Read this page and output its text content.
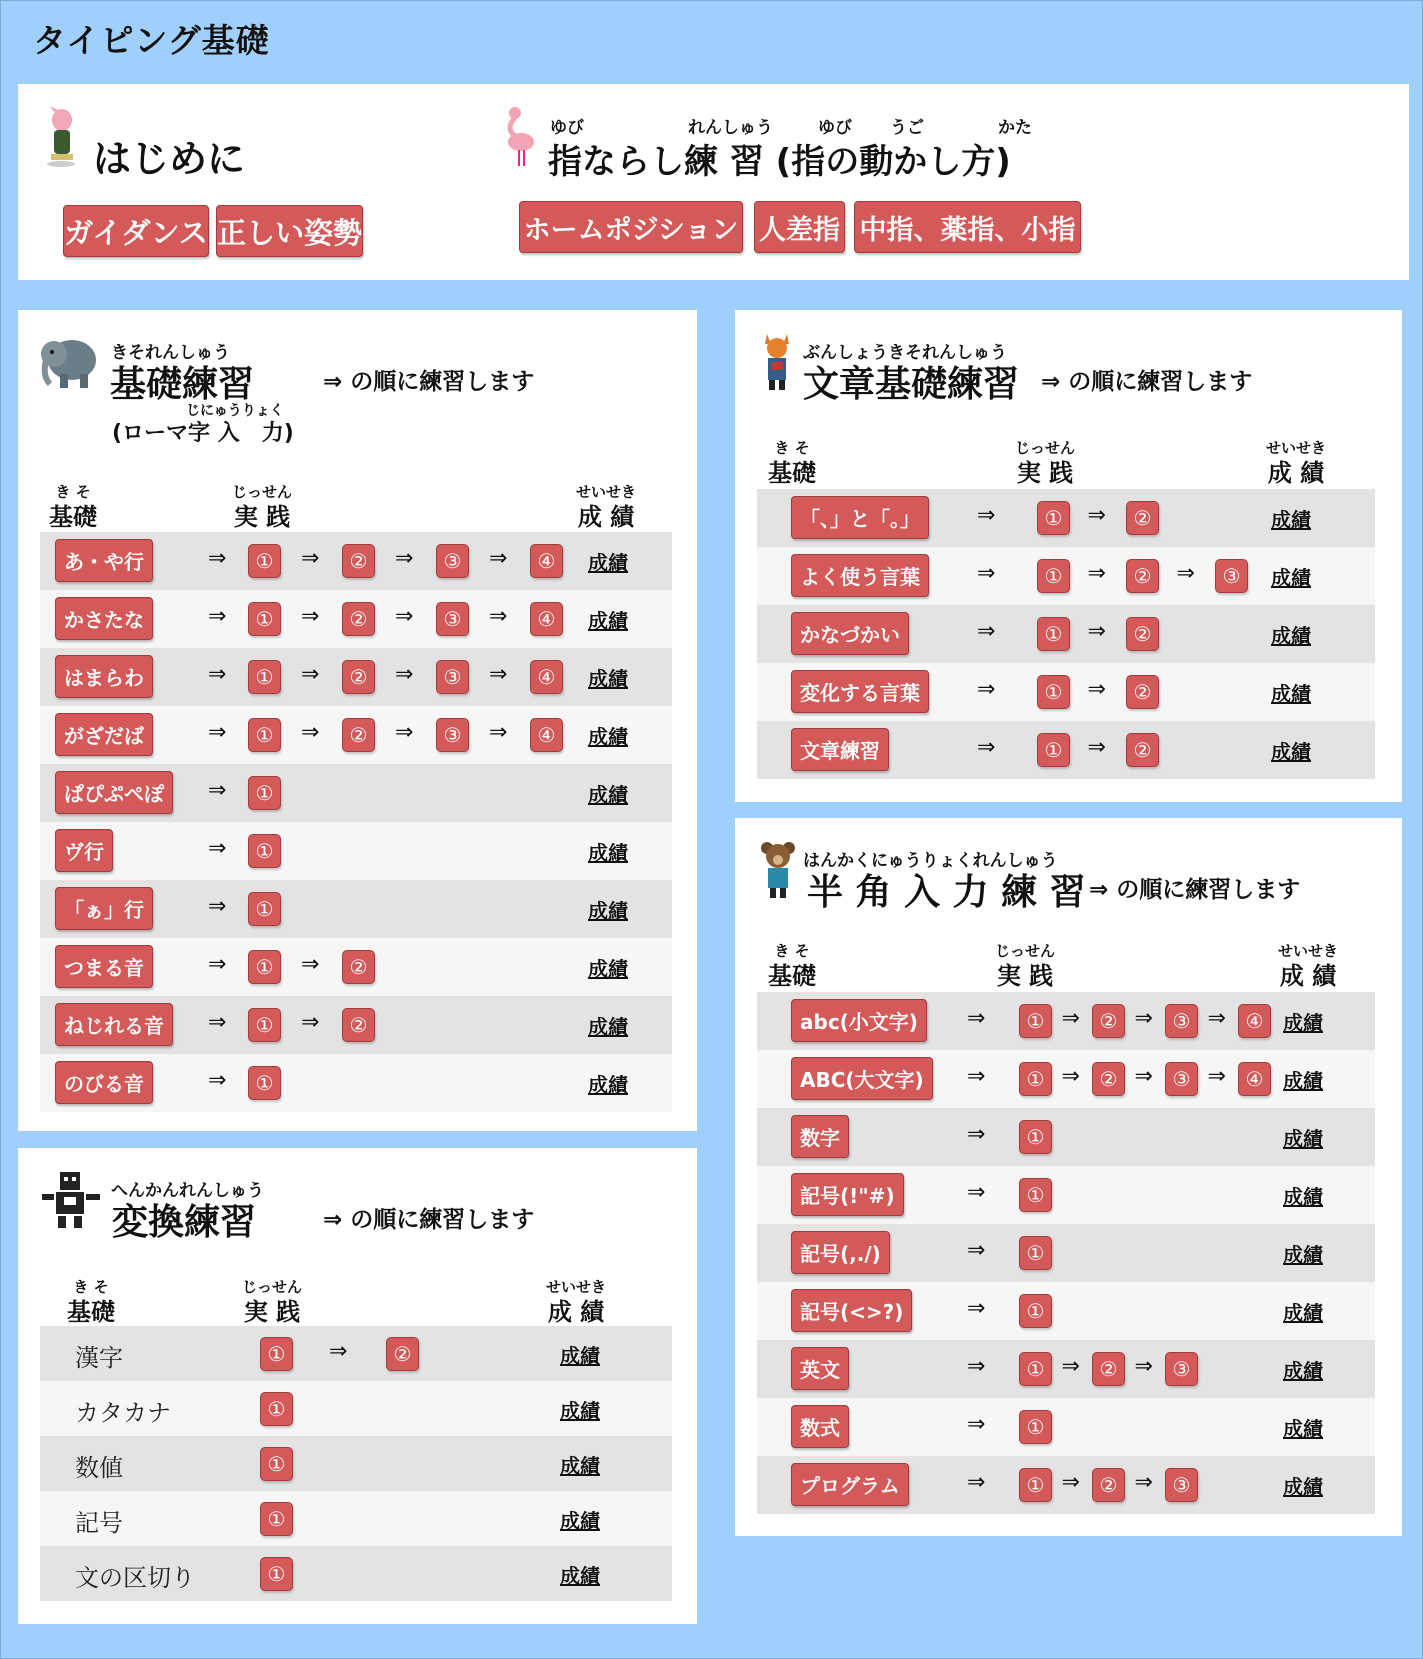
タイピング基礎
はじめに
ガイダンス 正しい姿勢
ゆび	れんしゅう	ゆび うご	かた
指ならし練 習 (指の動かし方)
ホームポジション 人差指 中指、薬指、小指
きそれんしゅう
基礎練習	⇒ の順に練習します
じにゅうりょく
(ローマ字 入　力)
き そ
基礎
じっせん
実 践
せいせき
成 績
あ・や行	⇒	①	⇒	②	⇒	③	⇒	④	成績
かさたな	⇒	①	⇒	②	⇒	③	⇒	④	成績
はまらわ	⇒	①	⇒	②	⇒	③	⇒	④	成績
がざだば	⇒	①	⇒	②	⇒	③	⇒	④	成績
ぱぴぷぺぽ	⇒	①	成績
ヴ行	⇒	①	成績
「ぁ」行	⇒	①	成績
つまる音	⇒	①	⇒	②	成績
ねじれる音	⇒	①	⇒	②	成績
のびる音	⇒	①	成績
へんかんれんしゅう
変換練習	⇒ の順に練習します
き そ
基礎
じっせん
実 践
せいせき
成 績
漢字	①	⇒	②	成績
カタカナ	①	成績
数値	①	成績
記号	①	成績
文の区切り	①	成績
ぶんしょうきそれんしゅう
文章基礎練習 ⇒ の順に練習します
き そ
基礎
じっせん
実 践
せいせき
成 績
「、」と「。」	⇒	①	⇒	②	成績
よく使う言葉	⇒	①	⇒	②	⇒	③	成績
かなづかい	⇒	①	⇒	②	成績
変化する言葉	⇒	①	⇒	②	成績
文章練習	⇒	①	⇒	②	成績
はんかくにゅうりょくれんしゅう
半 角 入 力 練 習 ⇒ の順に練習します
き そ
基礎
じっせん
実 践
せいせき
成 績
abc(小文字)	⇒	① ⇒ ② ⇒ ③ ⇒ ④ 成績
ABC(大文字)	⇒	① ⇒ ② ⇒ ③ ⇒ ④ 成績
数字	⇒	①	成績
記号(!"#)	⇒	①	成績
記号(,./)	⇒	①	成績
記号(<>?)	⇒	①	成績
英文	⇒	① ⇒ ② ⇒ ③	成績
数式	⇒	①	成績
プログラム	⇒	① ⇒ ② ⇒ ③	成績
